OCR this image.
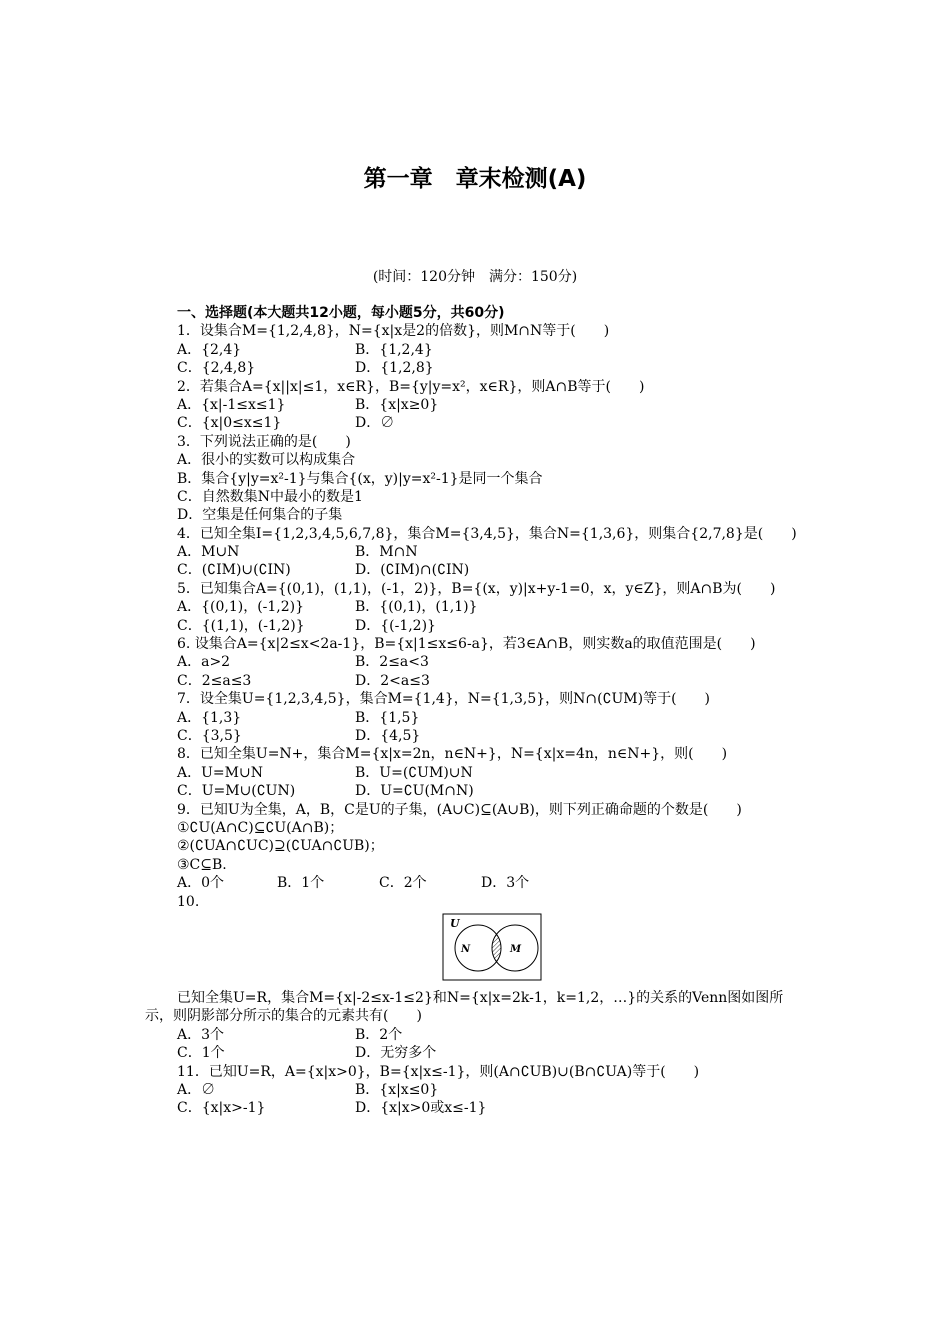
第一章　章末检测(A)
(时间：120分钟　满分：150分)
一、选择题(本大题共12小题，每小题5分，共60分)
1．设集合M={1,2,4,8}，N={x|x是2的倍数}，则M∩N等于(　　)
A．{2,4}	B．{1,2,4}
C．{2,4,8}	D．{1,2,8}
2．若集合A={x||x|≤1，x∈R}，B={y|y=x²，x∈R}，则A∩B等于(　　)
A．{x|-1≤x≤1}	B．{x|x≥0}
C．{x|0≤x≤1}	D．∅
3．下列说法正确的是(　　)
A．很小的实数可以构成集合
B．集合{y|y=x²-1}与集合{(x，y)|y=x²-1}是同一个集合
C．自然数集N中最小的数是1
D．空集是任何集合的子集
4．已知全集I={1,2,3,4,5,6,7,8}，集合M={3,4,5}，集合N={1,3,6}，则集合{2,7,8}是(　　)
A．M∪N	B．M∩N
C．(∁IM)∪(∁IN)	D．(∁IM)∩(∁IN)
5．已知集合A={(0,1)，(1,1)，(-1，2)}，B={(x，y)|x+y-1=0，x，y∈Z}，则A∩B为(　　)
A．{(0,1)，(-1,2)}	B．{(0,1)，(1,1)}
C．{(1,1)，(-1,2)}	D．{(-1,2)}
6. 设集合A={x|2≤x<2a-1}，B={x|1≤x≤6-a}，若3∈A∩B，则实数a的取值范围是(　　)
A．a>2	B．2≤a<3
C．2≤a≤3	D．2<a≤3
7．设全集U={1,2,3,4,5}，集合M={1,4}，N={1,3,5}，则N∩(∁UM)等于(　　)
A．{1,3}	B．{1,5}
C．{3,5}	D．{4,5}
8．已知全集U=N+，集合M={x|x=2n，n∈N+}，N={x|x=4n，n∈N+}，则(　　)
A．U=M∪N	B．U=(∁UM)∪N
C．U=M∪(∁UN)	D．U=∁U(M∩N)
9．已知U为全集，A，B，C是U的子集，(A∪C)⊆(A∪B)，则下列正确命题的个数是(　　)
①∁U(A∩C)⊆∁U(A∩B)；
②(∁UA∩∁UC)⊇(∁UA∩∁UB)；
③C⊆B.
A．0个	B．1个	C．2个	D．3个
10.
U
N	M
已知全集U=R，集合M={x|-2≤x-1≤2}和N={x|x=2k-1，k=1,2，…}的关系的Venn图如图所示，则阴影部分所示的集合的元素共有(　　)
A．3个	B．2个
C．1个	D．无穷多个
11．已知U=R，A={x|x>0}，B={x|x≤-1}，则(A∩∁UB)∪(B∩∁UA)等于(　　)
A．∅	B．{x|x≤0}
C．{x|x>-1}	D．{x|x>0或x≤-1}
